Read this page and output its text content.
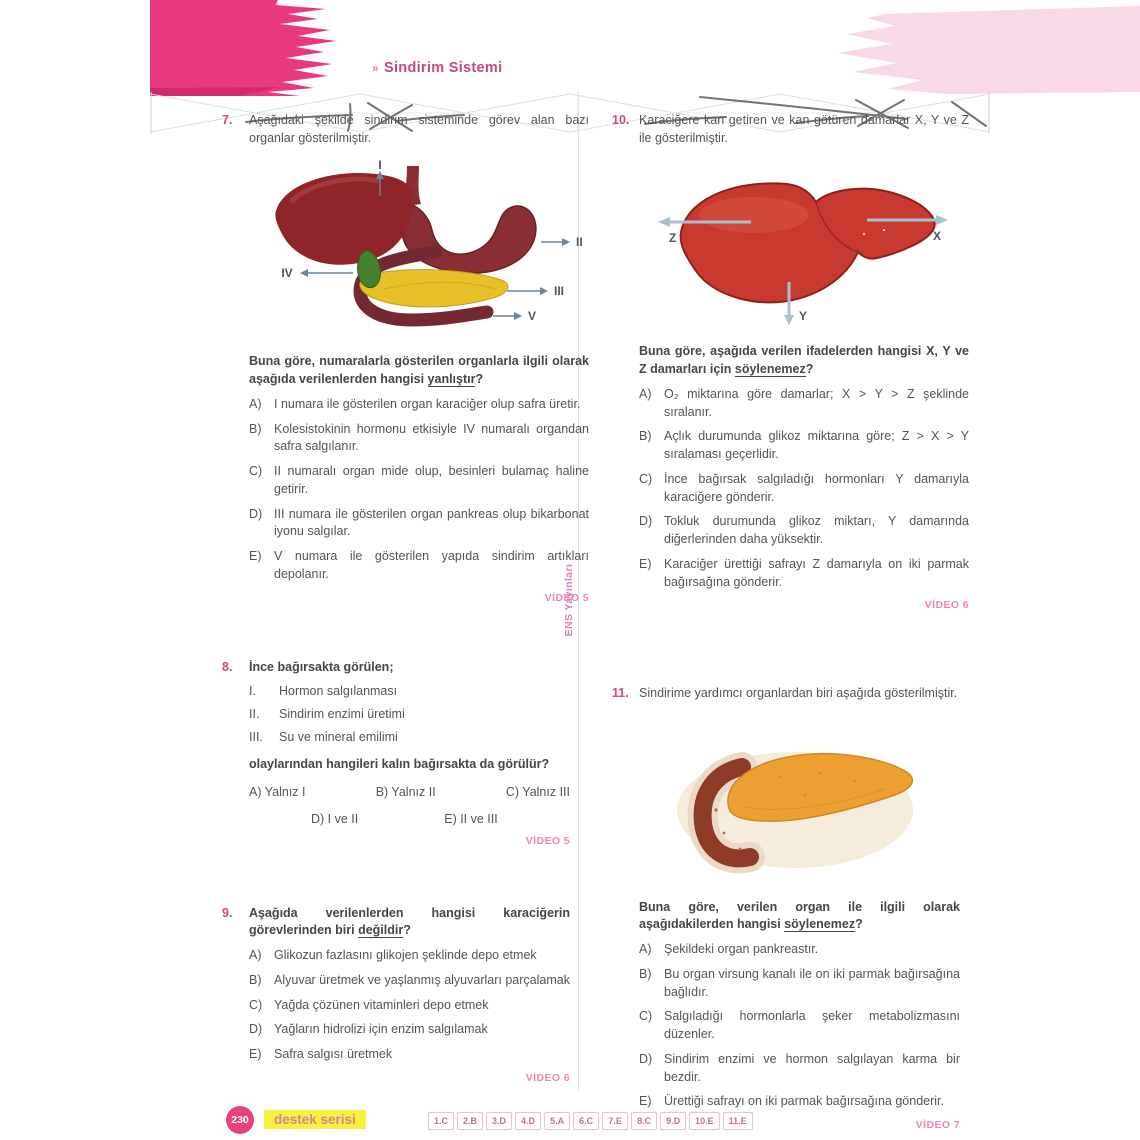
ENS Yayınları
» Sindirim Sistemi
7.	Aşağıdaki şekilde sindirim sisteminde görev alan bazı organlar gösterilmiştir.
I
II
III
IV
V
Buna göre, numaralarla gösterilen organlarla ilgili olarak aşağıda verilenlerden hangisi yanlıştır?
A)	I numara ile gösterilen organ karaciğer olup safra üretir.
B)	Kolesistokinin hormonu etkisiyle IV numaralı organdan safra salgılanır.
C) II numaralı organ mide olup, besinleri bulamaç haline getirir.
D) III numara ile gösterilen organ pankreas olup bikarbonat iyonu salgılar.
E)	V numara ile gösterilen yapıda sindirim artıkları depolanır.
VİDEO 5
8.	İnce bağırsakta görülen;
I.	Hormon salgılanması
II.	Sindirim enzimi üretimi
III.	Su ve mineral emilimi
olaylarından hangileri kalın bağırsakta da görülür?
A) Yalnız I	B) Yalnız II	C) Yalnız III
D) I ve II	E) II ve III
VİDEO 5
9.	Aşağıda verilenlerden hangisi karaciğerin görevlerinden biri değildir?
A)	Glikozun fazlasını glikojen şeklinde depo etmek
B)	Alyuvar üretmek ve yaşlanmış alyuvarları parçalamak
C) Yağda çözünen vitaminleri depo etmek
D) Yağların hidrolizi için enzim salgılamak
E)	Safra salgısı üretmek
VİDEO 6
10. Karaciğere kan getiren ve kan götüren damarlar X, Y ve Z ile gösterilmiştir.
Z	X
Y
Buna göre, aşağıda verilen ifadelerden hangisi X, Y ve Z damarları için söylenemez?
A)	O₂ miktarına göre damarlar; X > Y > Z şeklinde sıralanır.
B)	Açlık durumunda glikoz miktarına göre; Z > X > Y sıralaması geçerlidir.
C) İnce bağırsak salgıladığı hormonları Y damarıyla karaciğere gönderir.
D) Tokluk durumunda glikoz miktarı, Y damarında diğerlerinden daha yüksektir.
E)	Karaciğer ürettiği safrayı Z damarıyla on iki parmak bağırsağına gönderir.
VİDEO 6
11. Sindirime yardımcı organlardan biri aşağıda gösterilmiştir.
Buna göre, verilen organ ile ilgili olarak aşağıdakilerden hangisi söylenemez?
A)	Şekildeki organ pankreastır.
B)	Bu organ virsung kanalı ile on iki parmak bağırsağına bağlıdır.
C) Salgıladığı hormonlarla şeker metabolizmasını düzenler.
D) Sindirim enzimi ve hormon salgılayan karma bir bezdir.
E)	Ürettiği safrayı on iki parmak bağırsağına gönderir.
VİDEO 7
230	destek serisi	1.C	2.B	3.D	4.D	5.A	6.C	7.E	8.C	9.D	10.E	11.E
